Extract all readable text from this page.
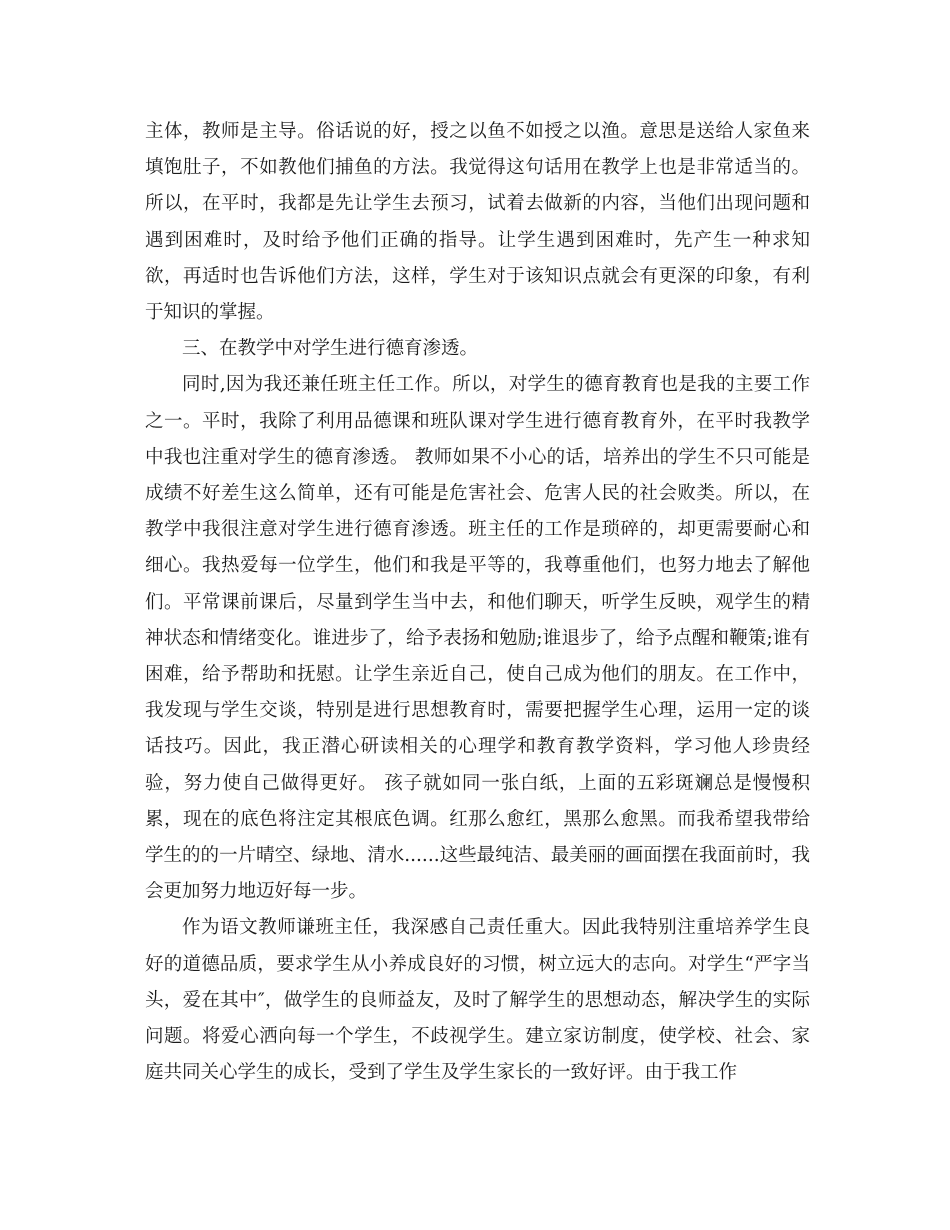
主体，教师是主导。俗话说的好，授之以鱼不如授之以渔。意思是送给人家鱼来填饱肚子，不如教他们捕鱼的方法。我觉得这句话用在教学上也是非常适当的。所以，在平时，我都是先让学生去预习，试着去做新的内容，当他们出现问题和遇到困难时，及时给予他们正确的指导。让学生遇到困难时，先产生一种求知欲，再适时也告诉他们方法，这样，学生对于该知识点就会有更深的印象，有利于知识的掌握。

三、在教学中对学生进行德育渗透。

同时,因为我还兼任班主任工作。所以，对学生的德育教育也是我的主要工作之一。平时，我除了利用品德课和班队课对学生进行德育教育外，在平时我教学中我也注重对学生的德育渗透。 教师如果不小心的话，培养出的学生不只可能是成绩不好差生这么简单，还有可能是危害社会、危害人民的社会败类。所以，在教学中我很注意对学生进行德育渗透。班主任的工作是琐碎的，却更需要耐心和细心。我热爱每一位学生，他们和我是平等的，我尊重他们，也努力地去了解他们。平常课前课后，尽量到学生当中去，和他们聊天，听学生反映，观学生的精神状态和情绪变化。谁进步了，给予表扬和勉励;谁退步了，给予点醒和鞭策;谁有困难，给予帮助和抚慰。让学生亲近自己，使自己成为他们的朋友。在工作中，我发现与学生交谈，特别是进行思想教育时，需要把握学生心理，运用一定的谈话技巧。因此，我正潜心研读相关的心理学和教育教学资料，学习他人珍贵经验，努力使自己做得更好。 孩子就如同一张白纸，上面的五彩斑斓总是慢慢积累，现在的底色将注定其根底色调。红那么愈红，黑那么愈黑。而我希望我带给学生的的一片晴空、绿地、清水......这些最纯洁、最美丽的画面摆在我面前时，我会更加努力地迈好每一步。

作为语文教师谦班主任，我深感自己责任重大。因此我特别注重培养学生良好的道德品质，要求学生从小养成良好的习惯，树立远大的志向。对学生“严字当头，爱在其中″，做学生的良师益友，及时了解学生的思想动态，解决学生的实际问题。将爱心洒向每一个学生，不歧视学生。建立家访制度，使学校、社会、家庭共同关心学生的成长，受到了学生及学生家长的一致好评。由于我工作
